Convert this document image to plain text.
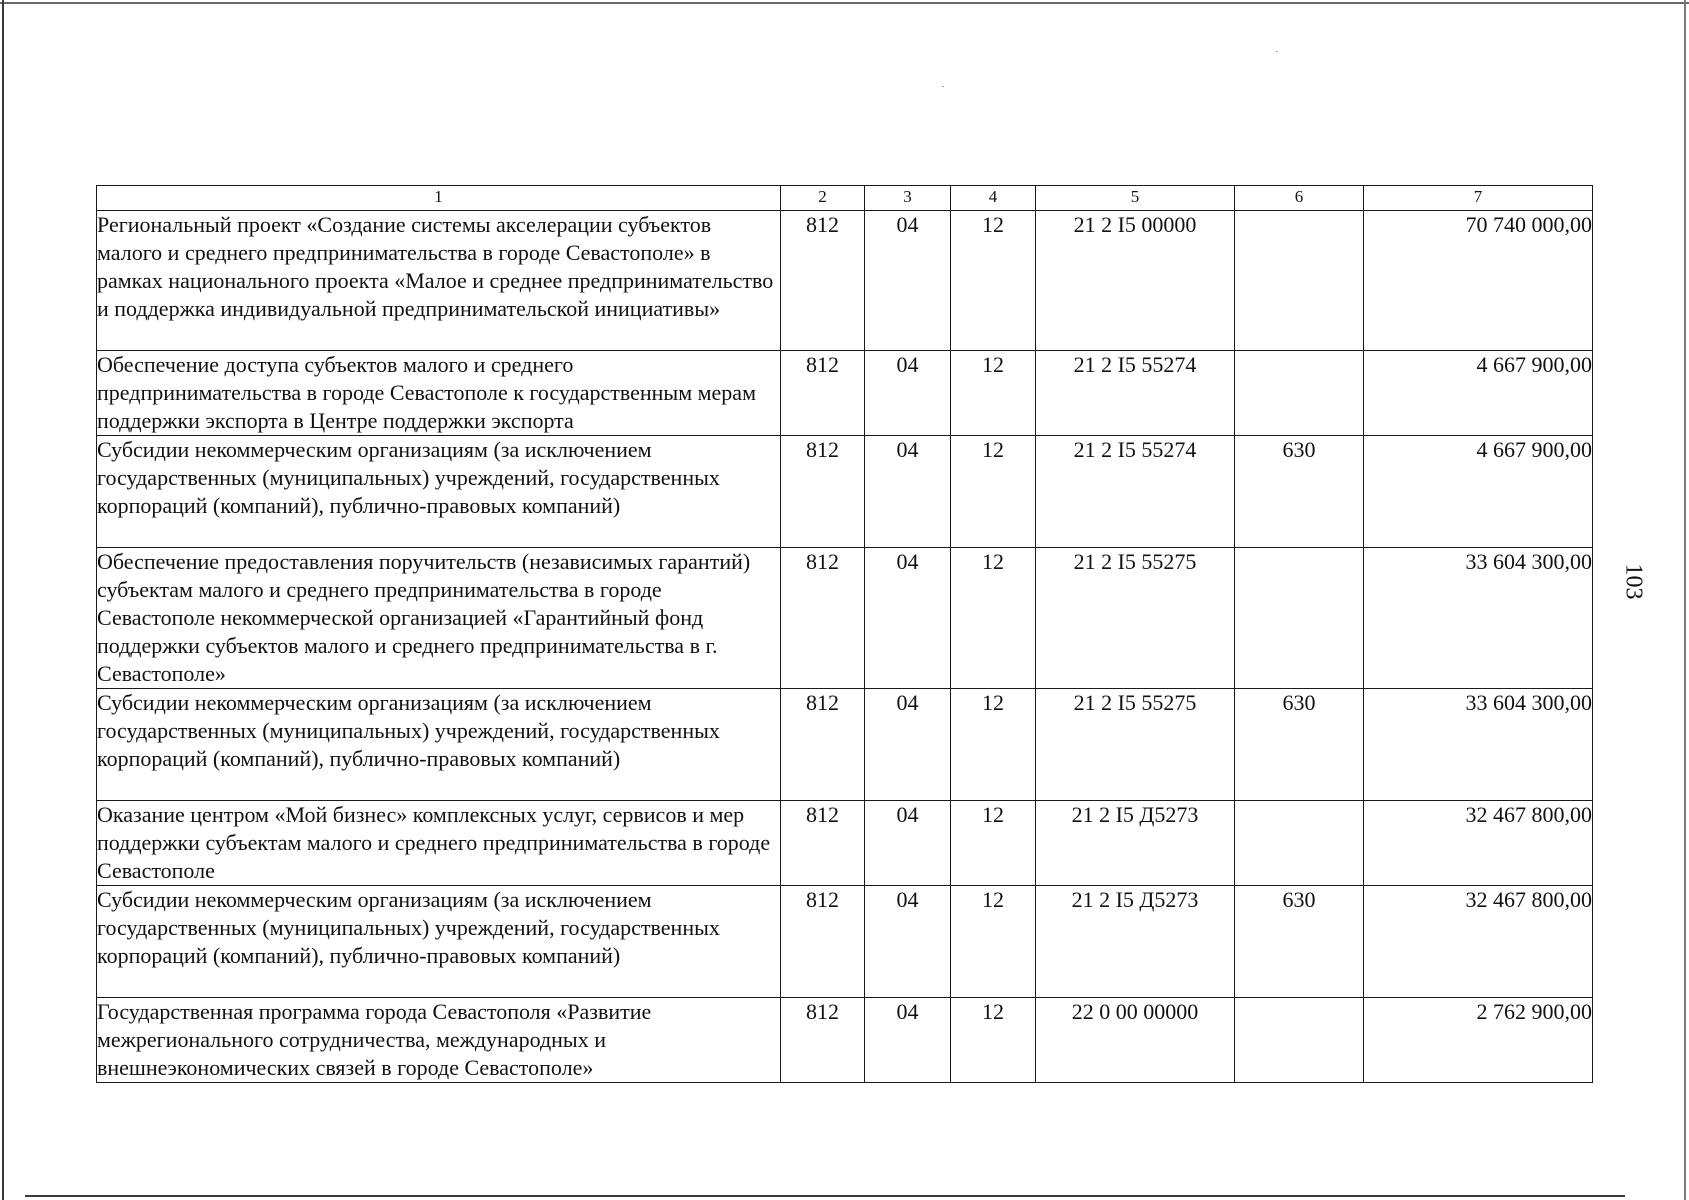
103
1	2	3	4	5	6	7
Региональный проект «Создание системы акселерации субъектов малого и среднего предпринимательства в городе Севастополе» в рамках национального проекта «Малое и среднее предпринимательство и поддержка индивидуальной предпринимательской инициативы»	812	04	12	21 2 I5 00000		70 740 000,00
Обеспечение доступа субъектов малого и среднего предпринимательства в городе Севастополе к государственным мерам поддержки экспорта в Центре поддержки экспорта	812	04	12	21 2 I5 55274		4 667 900,00
Субсидии некоммерческим организациям (за исключением государственных (муниципальных) учреждений, государственных корпораций (компаний), публично-правовых компаний)	812	04	12	21 2 I5 55274	630	4 667 900,00
Обеспечение предоставления поручительств (независимых гарантий) субъектам малого и среднего предпринимательства в городе Севастополе некоммерческой организацией «Гарантийный фонд поддержки субъектов малого и среднего предпринимательства в г. Севастополе»	812	04	12	21 2 I5 55275		33 604 300,00
Субсидии некоммерческим организациям (за исключением государственных (муниципальных) учреждений, государственных корпораций (компаний), публично-правовых компаний)	812	04	12	21 2 I5 55275	630	33 604 300,00
Оказание центром «Мой бизнес» комплексных услуг, сервисов и мер поддержки субъектам малого и среднего предпринимательства в городе Севастополе	812	04	12	21 2 I5 Д5273		32 467 800,00
Субсидии некоммерческим организациям (за исключением государственных (муниципальных) учреждений, государственных корпораций (компаний), публично-правовых компаний)	812	04	12	21 2 I5 Д5273	630	32 467 800,00
Государственная программа города Севастополя «Развитие межрегионального сотрудничества, международных и внешнеэкономических связей в городе Севастополе»	812	04	12	22 0 00 00000		2 762 900,00
